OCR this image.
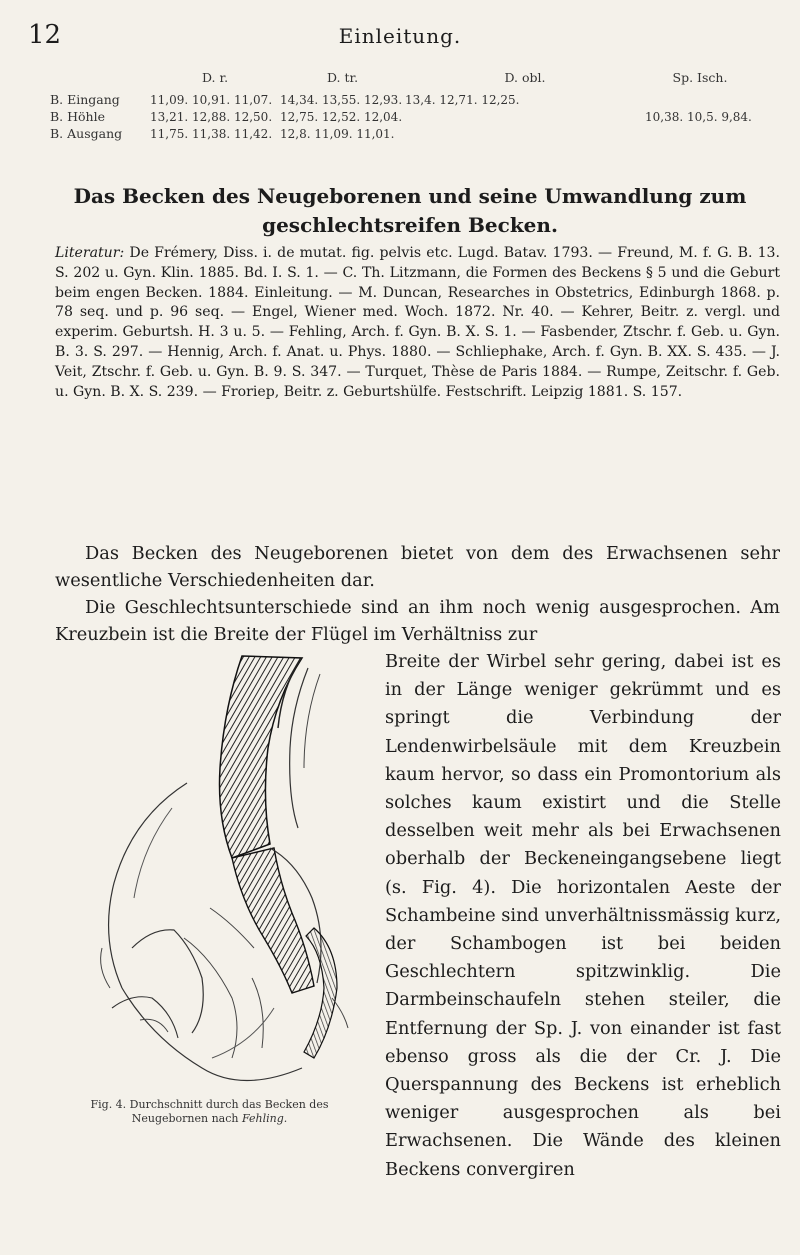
12	Einleitung.
	D. r.	D. tr.	D. obl.	Sp. Isch.
B. Eingang	11,09. 10,91. 11,07.	14,34. 13,55. 12,93.	13,4. 12,71. 12,25.	
B. Höhle	13,21. 12,88. 12,50.	12,75. 12,52. 12,04.		10,38. 10,5. 9,84.
B. Ausgang	11,75. 11,38. 11,42.	12,8. 11,09. 11,01.		
Das Becken des Neugeborenen und seine Umwandlung zum
geschlechtsreifen Becken.
Literatur: De Frémery, Diss. i. de mutat. fig. pelvis etc. Lugd. Batav. 1793. — Freund, M. f. G. B. 13. S. 202 u. Gyn. Klin. 1885. Bd. I. S. 1. — C. Th. Litzmann, die Formen des Beckens § 5 und die Geburt beim engen Becken. 1884. Einleitung. — M. Duncan, Researches in Obstetrics, Edinburgh 1868. p. 78 seq. und p. 96 seq. — Engel, Wiener med. Woch. 1872. Nr. 40. — Kehrer, Beitr. z. vergl. und experim. Geburtsh. H. 3 u. 5. — Fehling, Arch. f. Gyn. B. X. S. 1. — Fasbender, Ztschr. f. Geb. u. Gyn. B. 3. S. 297. — Hennig, Arch. f. Anat. u. Phys. 1880. — Schliephake, Arch. f. Gyn. B. XX. S. 435. — J. Veit, Ztschr. f. Geb. u. Gyn. B. 9. S. 347. — Turquet, Thèse de Paris 1884. — Rumpe, Zeitschr. f. Geb. u. Gyn. B. X. S. 239. — Froriep, Beitr. z. Geburtshülfe. Festschrift. Leipzig 1881. S. 157.
Das Becken des Neugeborenen bietet von dem des Erwachsenen sehr wesentliche Verschiedenheiten dar.
Die Geschlechtsunterschiede sind an ihm noch wenig ausgesprochen. Am Kreuzbein ist die Breite der Flügel im Verhältniss zur
Breite der Wirbel sehr gering, dabei ist es in der Länge weniger gekrümmt und es springt die Verbindung der Lendenwirbelsäule mit dem Kreuzbein kaum hervor, so dass ein Promontorium als solches kaum existirt und die Stelle desselben weit mehr als bei Erwachsenen oberhalb der Beckeneingangsebene liegt (s. Fig. 4). Die horizontalen Aeste der Schambeine sind unverhältnissmässig kurz, der Schambogen ist bei beiden Geschlechtern spitzwinklig. Die Darmbeinschaufeln stehen steiler, die Entfernung der Sp. J. von einander ist fast ebenso gross als die der Cr. J. Die Querspannung des Beckens ist erheblich weniger ausgesprochen als bei Erwachsenen. Die Wände des kleinen Beckens convergiren
Fig. 4. Durchschnitt durch das Becken des Neugebornen nach Fehling.
